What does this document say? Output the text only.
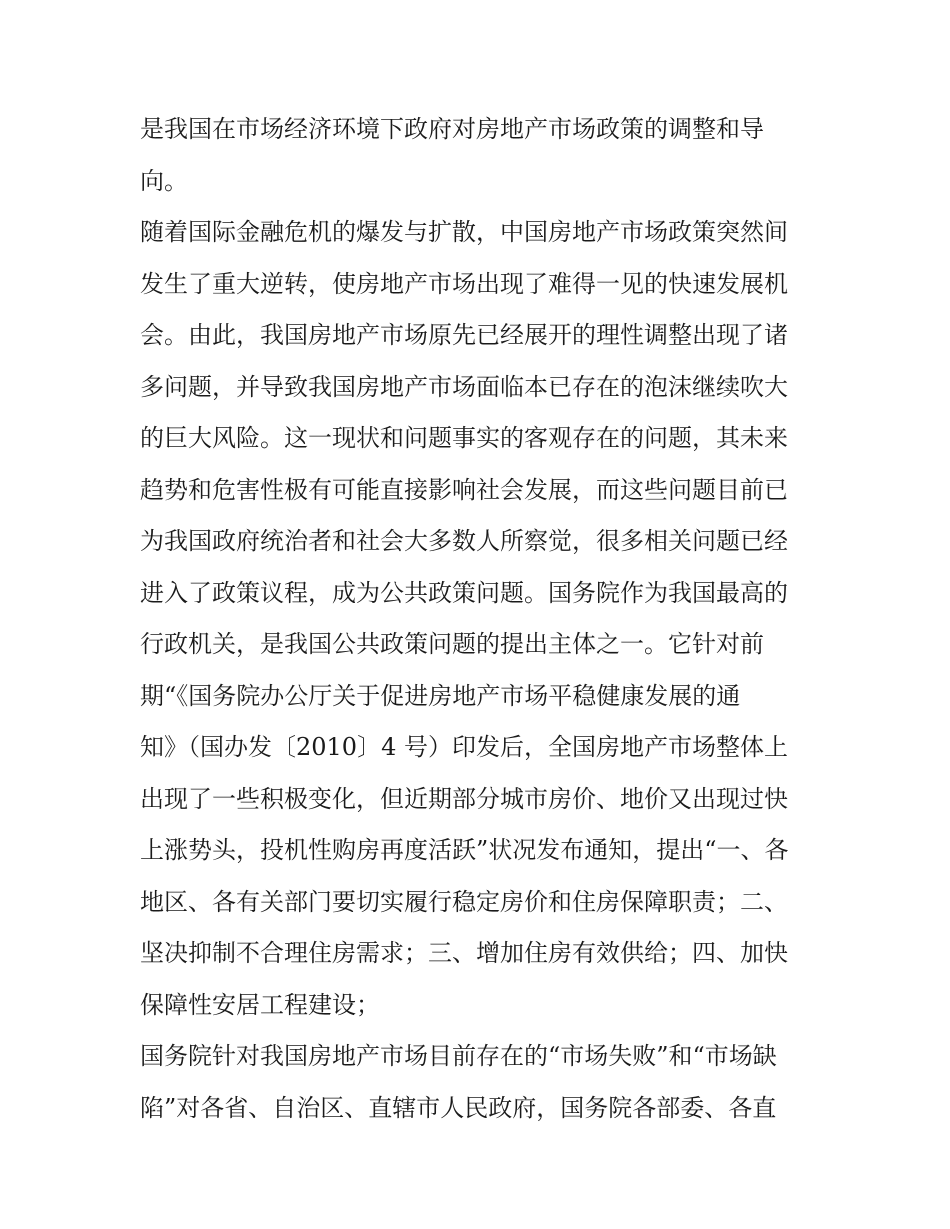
是我国在市场经济环境下政府对房地产市场政策的调整和导
向。
随着国际金融危机的爆发与扩散，中国房地产市场政策突然间
发生了重大逆转，使房地产市场出现了难得一见的快速发展机
会。由此，我国房地产市场原先已经展开的理性调整出现了诸
多问题，并导致我国房地产市场面临本已存在的泡沫继续吹大
的巨大风险。这一现状和问题事实的客观存在的问题，其未来
趋势和危害性极有可能直接影响社会发展，而这些问题目前已
为我国政府统治者和社会大多数人所察觉，很多相关问题已经
进入了政策议程，成为公共政策问题。国务院作为我国最高的
行政机关，是我国公共政策问题的提出主体之一。它针对前
期“《国务院办公厅关于促进房地产市场平稳健康发展的通
知》（国办发〔2010〕4 号）印发后，全国房地产市场整体上
出现了一些积极变化，但近期部分城市房价、地价又出现过快
上涨势头，投机性购房再度活跃”状况发布通知，提出“一、各
地区、各有关部门要切实履行稳定房价和住房保障职责；二、
坚决抑制不合理住房需求；三、增加住房有效供给；四、加快
保障性安居工程建设；
国务院针对我国房地产市场目前存在的“市场失败”和“市场缺
陷”对各省、自治区、直辖市人民政府，国务院各部委、各直
